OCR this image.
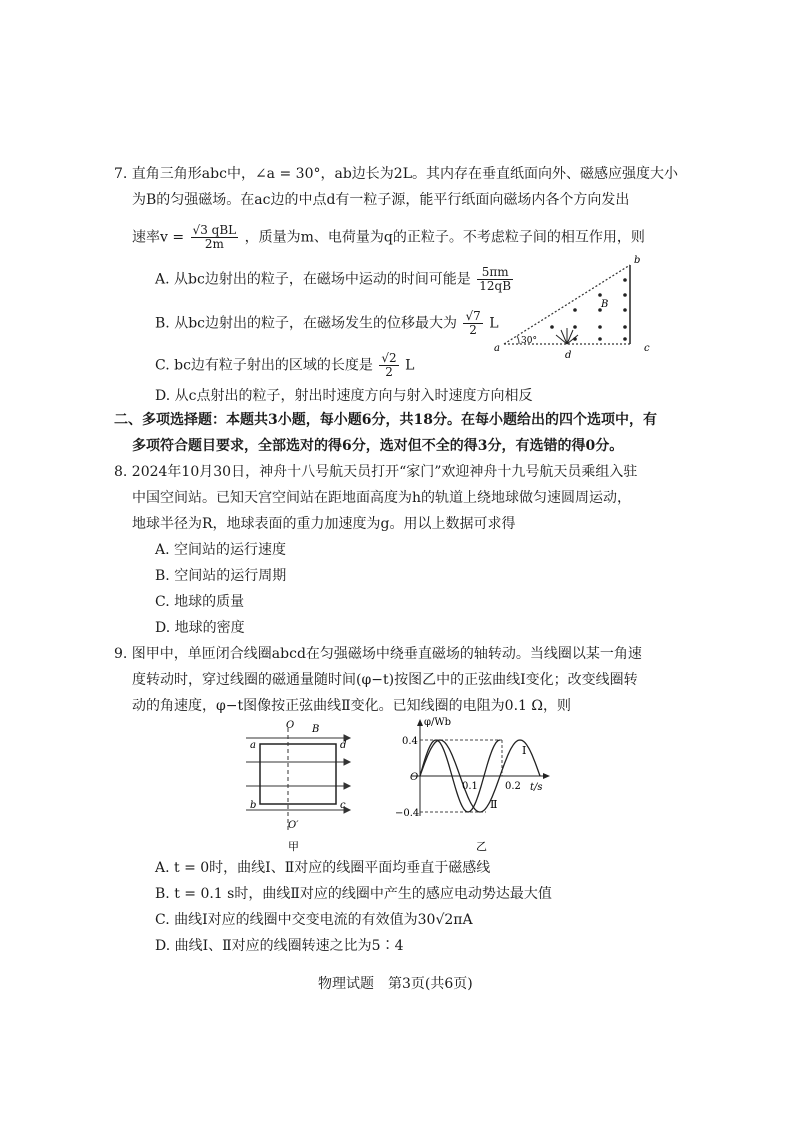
7. 直角三角形abc中，∠a = 30°，ab边长为2L。其内存在垂直纸面向外、磁感应强度大小
为B的匀强磁场。在ac边的中点d有一粒子源，能平行纸面向磁场内各个方向发出
速率$v = \frac{\text{√3 qBL}}{2m}$ ，质量为m、电荷量为q的正粒子。不考虑粒子间的相互作用，则
A. 从bc边射出的粒子，在磁场中运动的时间可能是 $\frac{5\pi m}{12qB}$
B. 从bc边射出的粒子，在磁场发生的位移最大为 $\frac{√7}{2}$ L
C. bc边有粒子射出的区域的长度是 $\frac{√2}{2}$ L
D. 从c点射出的粒子，射出时速度方向与射入时速度方向相反
a
b
c
d
B
30°
二、多项选择题：本题共3小题，每小题6分，共18分。在每小题给出的四个选项中，有
多项符合题目要求，全部选对的得6分，选对但不全的得3分，有选错的得0分。
8. 2024年10月30日，神舟十八号航天员打开“家门”欢迎神舟十九号航天员乘组入驻
中国空间站。已知天宫空间站在距地面高度为h的轨道上绕地球做匀速圆周运动，
地球半径为R，地球表面的重力加速度为g。用以上数据可求得
A. 空间站的运行速度
B. 空间站的运行周期
C. 地球的质量
D. 地球的密度
9. 图甲中，单匝闭合线圈abcd在匀强磁场中绕垂直磁场的轴转动。当线圈以某一角速
度转动时，穿过线圈的磁通量随时间(φ−t)按图乙中的正弦曲线Ⅰ变化；改变线圈转
动的角速度，φ−t图像按正弦曲线Ⅱ变化。已知线圈的电阻为0.1 Ω，则
O
O′
B
a	d
b	c
甲
φ/Wb
t/s
O
0.4
−0.4
0.1	0.2
Ⅰ
Ⅱ
乙
A. t = 0时，曲线Ⅰ、Ⅱ对应的线圈平面均垂直于磁感线
B. t = 0.1 s时，曲线Ⅱ对应的线圈中产生的感应电动势达最大值
C. 曲线Ⅰ对应的线圈中交变电流的有效值为30√2πA
D. 曲线Ⅰ、Ⅱ对应的线圈转速之比为5∶4
物理试题　第3页(共6页)
